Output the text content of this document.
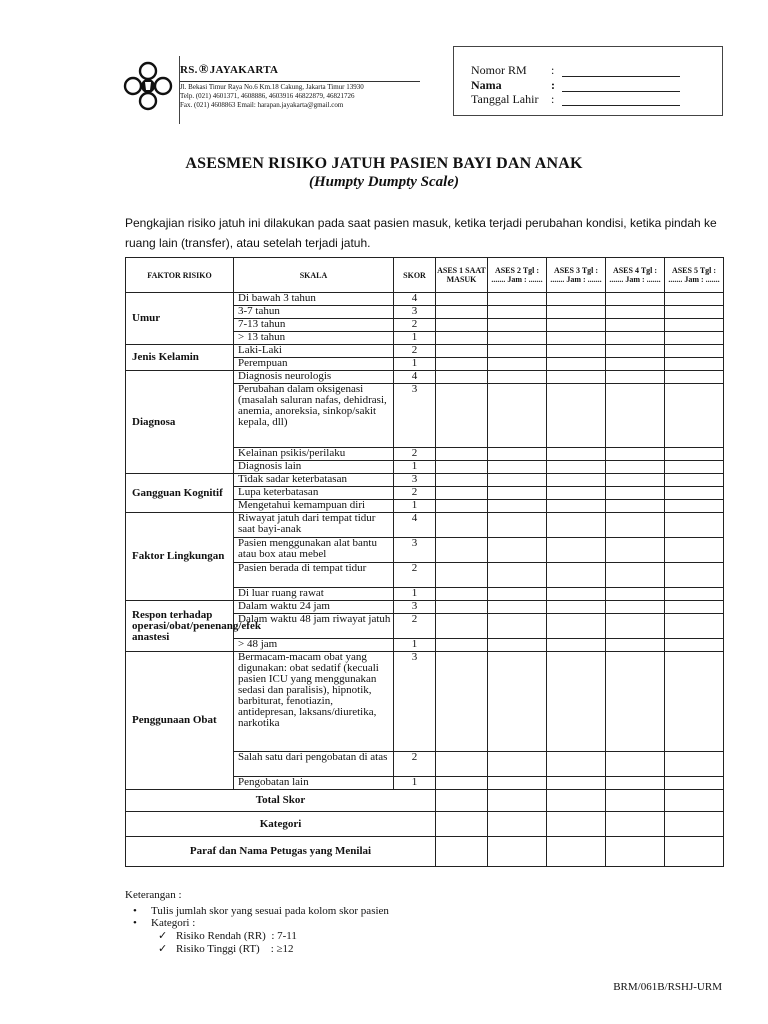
RS.®JAYAKARTA
Jl. Bekasi Timur Raya No.6 Km.18 Cakung, Jakarta Timur 13930
Telp. (021) 4601371, 4608886, 4603916 46822879, 46821726
Fax. (021) 4608863 Email: harapan.jayakarta@gmail.com
Nomor RM :
Nama	:
Tanggal Lahir :
ASESMEN RISIKO JATUH PASIEN BAYI DAN ANAK
(Humpty Dumpty Scale)
Pengkajian risiko jatuh ini dilakukan pada saat pasien masuk, ketika terjadi perubahan kondisi, ketika pindah ke ruang lain (transfer), atau setelah terjadi jatuh.
FAKTOR RISIKO	SKALA	SKOR	ASES 1 SAAT MASUK	ASES 2 Tgl : ....... Jam : .......	ASES 3 Tgl : ....... Jam : .......	ASES 4 Tgl : ....... Jam : .......	ASES 5 Tgl : ....... Jam : .......
Umur	Di bawah 3 tahun	4					
	3-7 tahun	3					
	7-13 tahun	2					
	> 13 tahun	1					
Jenis Kelamin	Laki-Laki	2					
	Perempuan	1					
Diagnosa	Diagnosis neurologis	4					
	Perubahan dalam oksigenasi (masalah saluran nafas, dehidrasi, anemia, anoreksia, sinkop/sakit kepala, dll)	3					
	Kelainan psikis/perilaku	2					
	Diagnosis lain	1					
Gangguan Kognitif	Tidak sadar keterbatasan	3					
	Lupa keterbatasan	2					
	Mengetahui kemampuan diri	1					
Faktor Lingkungan	Riwayat jatuh dari tempat tidur saat bayi-anak	4					
	Pasien menggunakan alat bantu atau box atau mebel	3					
	Pasien berada di tempat tidur	2					
	Di luar ruang rawat	1					
Respon terhadap operasi/obat/penenang/efek anastesi	Dalam waktu 24 jam	3					
	Dalam waktu 48 jam riwayat jatuh	2					
	> 48 jam	1					
Penggunaan Obat	Bermacam-macam obat yang digunakan: obat sedatif (kecuali pasien ICU yang menggunakan sedasi dan paralisis), hipnotik, barbiturat, fenotiazin, antidepresan, laksans/diuretika, narkotika	3					
	Salah satu dari pengobatan di atas	2					
	Pengobatan lain	1					
Total Skor							
Kategori							
Paraf dan Nama Petugas yang Menilai							
Keterangan :
• Tulis jumlah skor yang sesuai pada kolom skor pasien
• Kategori :
✓ Risiko Rendah (RR)  : 7-11
✓ Risiko Tinggi (RT)    : ≥12
BRM/061B/RSHJ-URM
